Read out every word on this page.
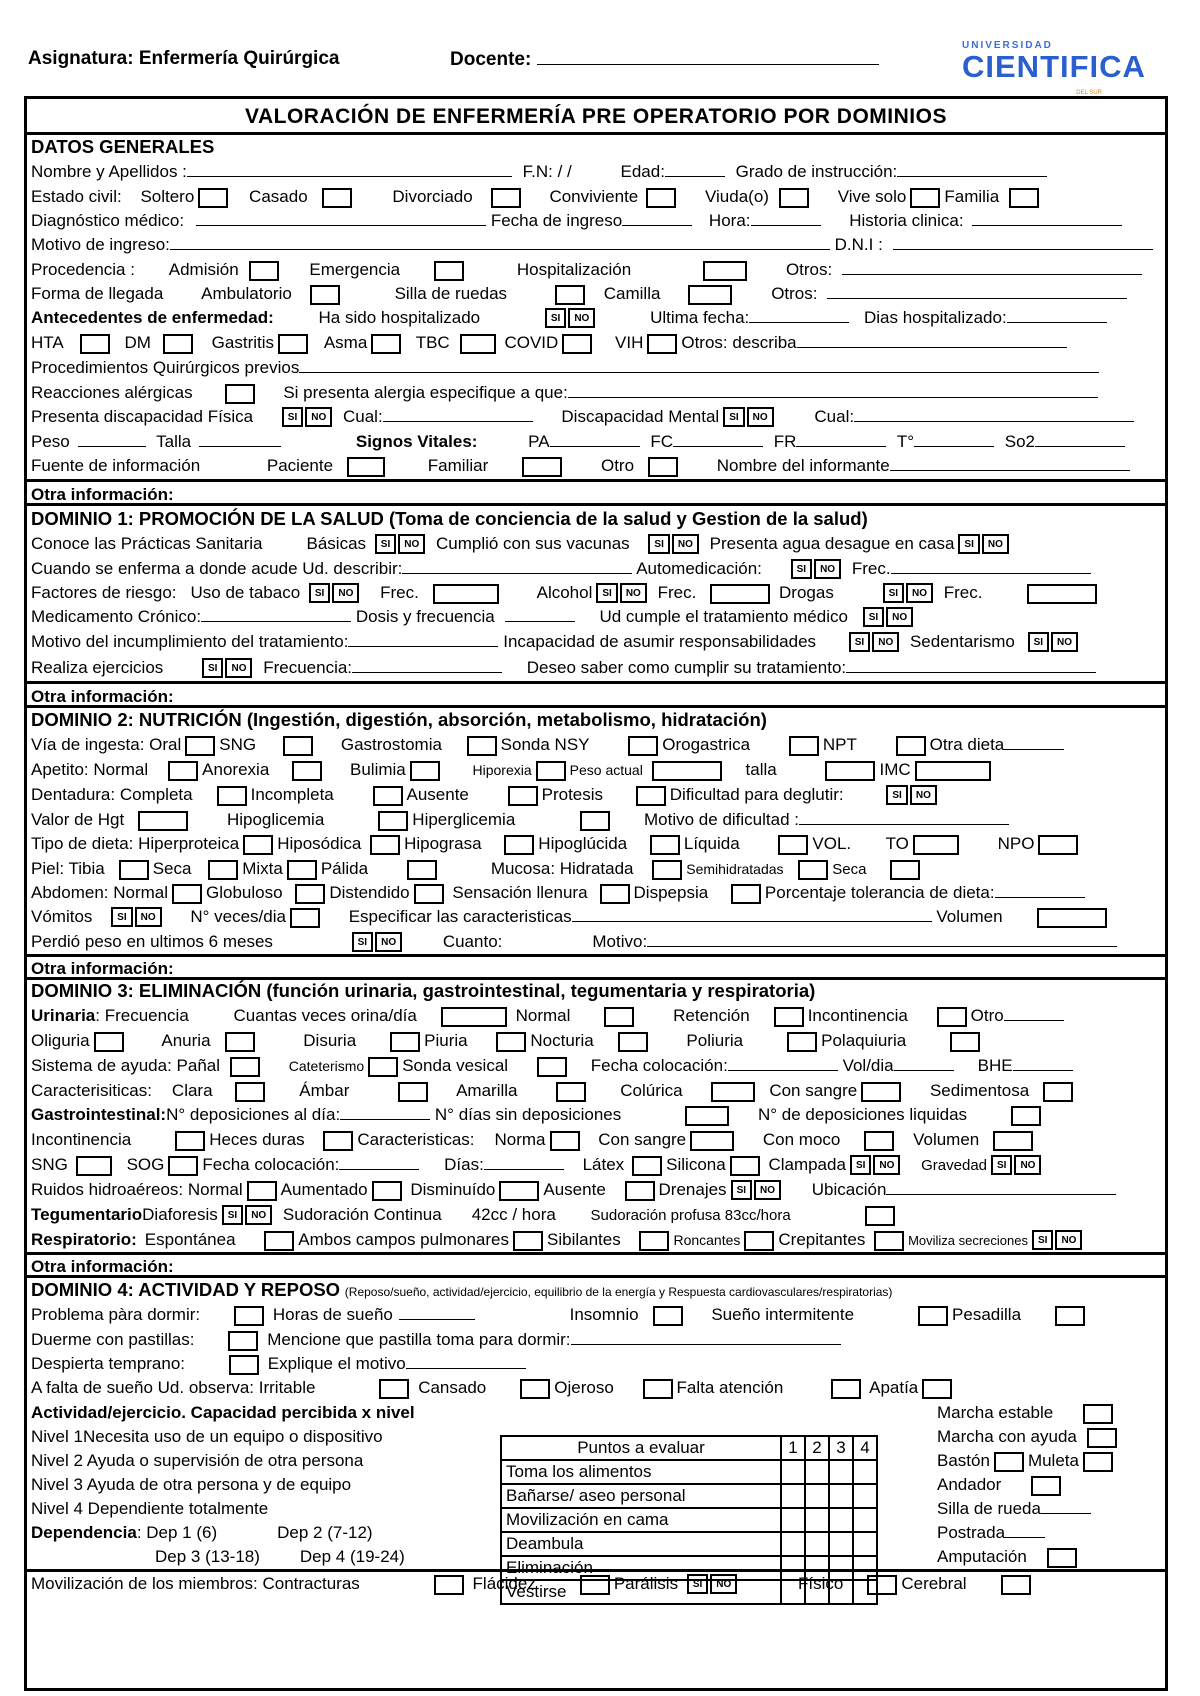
Asignatura: Enfermería Quirúrgica	Docente:
UNIVERSIDAD
CIENTIFICA
DEL SUR
VALORACIÓN DE ENFERMERÍA PRE OPERATORIO POR DOMINIOS
DATOS GENERALES
Nombre y Apellidos :	F.N: / /	Edad:	Grado de instrucción:
Estado civil: Soltero	Casado	Divorciado	Conviviente	Viuda(o)	Vive solo Familia
Diagnóstico médico:	Fecha de ingreso	Hora:	Historia clinica:
Motivo de ingreso:	D.N.I :
Procedencia : Admisión	Emergencia	Hospitalización	Otros:
Forma de llegada Ambulatorio	Silla de ruedas	Camilla	Otros:
Antecedentes de enfermedad:	Ha sido hospitalizado	SI NO	Ultima fecha:	Dias hospitalizado:
HTA	DM	Gastritis	Asma	TBC	COVID	VIH Otros: describa
Procedimientos Quirúrgicos previos
Reacciones alérgicas	Si presenta alergia especifique a que:
Presenta discapacidad Física	SI NO Cual:	Discapacidad Mental SI NO	Cual:
Peso	Talla	Signos Vitales:	PA	FC	FR	T°	So2
Fuente de información	Paciente	Familiar	Otro	Nombre del informante
Otra información:
DOMINIO 1: PROMOCIÓN DE LA SALUD (Toma de conciencia de la salud y Gestion de la salud)
Conoce las Prácticas Sanitaria	Básicas SI NO Cumplió con sus vacunas SI NO Presenta agua desague en casa SI NO
Cuando se enferma a donde acude Ud. describir:	Automedicación:	SI NO Frec.
Factores de riesgo: Uso de tabaco SI NO Frec.	Alcohol SI NO Frec.	Drogas	SI NO Frec.
Medicamento Crónico:	Dosis y frecuencia	Ud cumple el tratamiento médico SI NO
Motivo del incumplimiento del tratamiento:	Incapacidad de asumir responsabilidades	SI NO Sedentarismo SI NO
Realiza ejercicios	SI NO Frecuencia:	Deseo saber como cumplir su tratamiento:
Otra información:
DOMINIO 2: NUTRICIÓN (Ingestión, digestión, absorción, metabolismo, hidratación)
Vía de ingesta: Oral SNG	Gastrostomia	Sonda NSY	Orogastrica	NPT	Otra dieta
Apetito: Normal	Anorexia	Bulimia	Hiporexia	Peso actual	talla	IMC
Dentadura: Completa	Incompleta	Ausente	Protesis	Dificultad para deglutir:	SI NO
Valor de Hgt	Hipoglicemia	Hiperglicemia	Motivo de dificultad :
Tipo de dieta: Hiperproteica Hiposódica	Hipograsa	Hipoglúcida	Líquida	VOL. TO	NPO
Piel: Tibia	Seca	Mixta Pálida	Mucosa: Hidratada	Semihidratadas	Seca
Abdomen: Normal Globuloso	Distendido	Sensación llenura	Dispepsia	Porcentaje tolerancia de dieta:
Vómitos SI NO N° veces/dia	Especificar las caracteristicas	Volumen
Perdió peso en ultimos 6 meses	SI NO	Cuanto:	Motivo:
Otra información:
DOMINIO 3: ELIMINACIÓN (función urinaria, gastrointestinal, tegumentaria y respiratoria)
Urinaria: Frecuencia	Cuantas veces orina/día	Normal	Retención	Incontinencia	Otro
Oliguria	Anuria	Disuria	Piuria	Nocturia	Poliuria	Polaquiuria
Sistema de ayuda: Pañal	Cateterismo Sonda vesical	Fecha colocación:	Vol/dia	BHE
Caracterisiticas: Clara	Ámbar	Amarilla	Colúrica	Con sangre	Sedimentosa
Gastrointestinal:N° deposiciones al día:	N° días sin deposiciones	N° de deposiciones liquidas
Incontinencia	Heces duras	Caracteristicas: Norma	Con sangre	Con moco	Volumen
SNG	SOG Fecha colocación:	Días:	Látex Silicona	Clampada SI NO Gravedad SI NO
Ruidos hidroaéreos: Normal Aumentado	Disminuído	Ausente	Drenajes SI NO Ubicación
TegumentarioDiaforesis SI NO Sudoración Continua 42cc / hora Sudoración profusa 83cc/hora
Respiratorio: Espontánea	Ambos campos pulmonares Sibilantes	Roncantes Crepitantes	Moviliza secreciones SI NO
Otra información:
DOMINIO 4: ACTIVIDAD Y REPOSO (Reposo/sueño, actividad/ejercicio, equilibrio de la energía y Respuesta cardiovasculares/respiratorias)
Problema pàra dormir:	Horas de sueño	Insomnio	Sueño intermitente	Pesadilla
Duerme con pastillas:	Mencione que pastilla toma para dormir:
Despierta temprano:	Explique el motivo
A falta de sueño Ud. observa: Irritable	Cansado	Ojeroso	Falta atención	Apatía
Actividad/ejercicio. Capacidad percibida x nivel
Nivel 1Necesita uso de un equipo o dispositivo
Nivel 2 Ayuda o supervisión de otra persona
Nivel 3 Ayuda de otra persona y de equipo
Nivel 4 Dependiente totalmente
Dependencia: Dep 1 (6)	Dep 2 (7-12)
Dep 3 (13-18) Dep 4 (19-24)
Puntos a evaluar	1	2	3	4
Toma los alimentos				
Bañarse/ aseo personal				
Movilización en cama				
Deambula				
Eliminación				
Vestirse				
Marcha estable
Marcha con ayuda
Bastón Muleta
Andador
Silla de rueda
Postrada
Amputación
Movilización de los miembros: Contracturas	Flácidez	Parálisis SI NO	Físico	Cerebral
